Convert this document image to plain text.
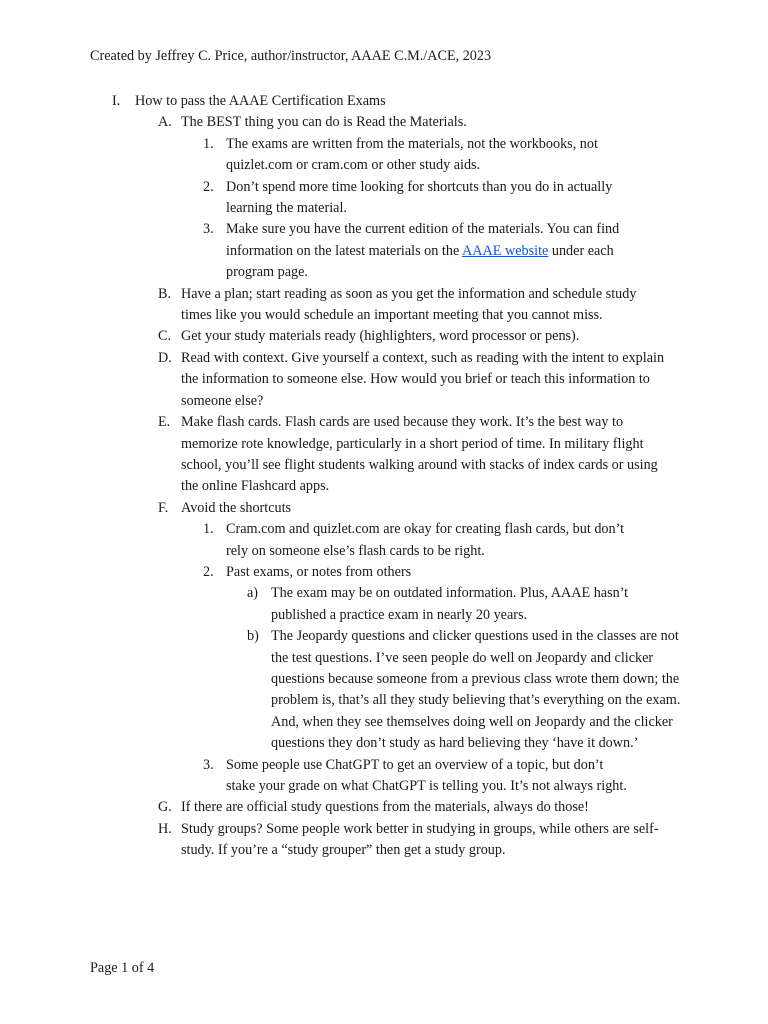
Created by Jeffrey C. Price, author/instructor, AAAE C.M./ACE, 2023
I. How to pass the AAAE Certification Exams
A. The BEST thing you can do is Read the Materials.
1. The exams are written from the materials, not the workbooks, not quizlet.com or cram.com or other study aids.
2. Don’t spend more time looking for shortcuts than you do in actually learning the material.
3. Make sure you have the current edition of the materials. You can find information on the latest materials on the AAAE website under each program page.
B. Have a plan; start reading as soon as you get the information and schedule study times like you would schedule an important meeting that you cannot miss.
C. Get your study materials ready (highlighters, word processor or pens).
D. Read with context. Give yourself a context, such as reading with the intent to explain the information to someone else. How would you brief or teach this information to someone else?
E. Make flash cards. Flash cards are used because they work. It’s the best way to memorize rote knowledge, particularly in a short period of time. In military flight school, you’ll see flight students walking around with stacks of index cards or using the online Flashcard apps.
F. Avoid the shortcuts
1. Cram.com and quizlet.com are okay for creating flash cards, but don’t rely on someone else’s flash cards to be right.
2. Past exams, or notes from others
a) The exam may be on outdated information. Plus, AAAE hasn’t published a practice exam in nearly 20 years.
b) The Jeopardy questions and clicker questions used in the classes are not the test questions. I’ve seen people do well on Jeopardy and clicker questions because someone from a previous class wrote them down; the problem is, that’s all they study believing that’s everything on the exam. And, when they see themselves doing well on Jeopardy and the clicker questions they don’t study as hard believing they ‘have it down.’
3. Some people use ChatGPT to get an overview of a topic, but don’t stake your grade on what ChatGPT is telling you. It’s not always right.
G. If there are official study questions from the materials, always do those!
H. Study groups? Some people work better in studying in groups, while others are self-study. If you’re a “study grouper” then get a study group.
Page 1 of 4
